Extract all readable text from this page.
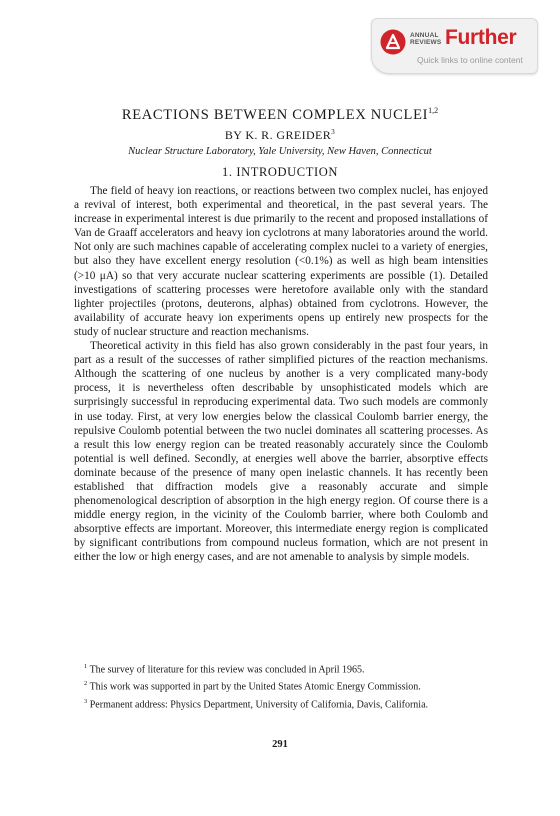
ANNUAL
REVIEWS Further
Quick links to online content
REACTIONS BETWEEN COMPLEX NUCLEI$^{1,2}$
BY K. R. GREIDER$^3$
Nuclear Structure Laboratory, Yale University, New Haven, Connecticut
1. INTRODUCTION

The field of heavy ion reactions, or reactions between two complex nuclei, has enjoyed a revival of interest, both experimental and theoretical, in the past several years. The increase in experimental interest is due primarily to the recent and proposed installations of Van de Graaff accelerators and heavy ion cyclotrons at many laboratories around the world. Not only are such machines capable of accelerating complex nuclei to a variety of energies, but also they have excellent energy resolution (<0.1%) as well as high beam intensities (>10 μA) so that very accurate nuclear scattering experiments are possible (1). Detailed investigations of scattering processes were heretofore available only with the standard lighter projectiles (protons, deuterons, alphas) obtained from cyclotrons. However, the availability of accurate heavy ion experiments opens up entirely new prospects for the study of nuclear structure and reaction mechanisms.

Theoretical activity in this field has also grown considerably in the past four years, in part as a result of the successes of rather simplified pictures of the reaction mechanisms. Although the scattering of one nucleus by another is a very complicated many-body process, it is nevertheless often describable by unsophisticated models which are surprisingly successful in reproducing experimental data. Two such models are commonly in use today. First, at very low energies below the classical Coulomb barrier energy, the repulsive Coulomb potential between the two nuclei dominates all scattering processes. As a result this low energy region can be treated reasonably accurately since the Coulomb potential is well defined. Secondly, at energies well above the barrier, absorptive effects dominate because of the presence of many open inelastic channels. It has recently been established that diffraction models give a reasonably accurate and simple phenomenological description of absorption in the high energy region. Of course there is a middle energy region, in the vicinity of the Coulomb barrier, where both Coulomb and absorptive effects are important. Moreover, this intermediate energy region is complicated by significant contributions from compound nucleus formation, which are not present in either the low or high energy cases, and are not amenable to analysis by simple models.

$^1$ The survey of literature for this review was concluded in April 1965.

$^2$ This work was supported in part by the United States Atomic Energy Commission.

$^3$ Permanent address: Physics Department, University of California, Davis, California.

291
